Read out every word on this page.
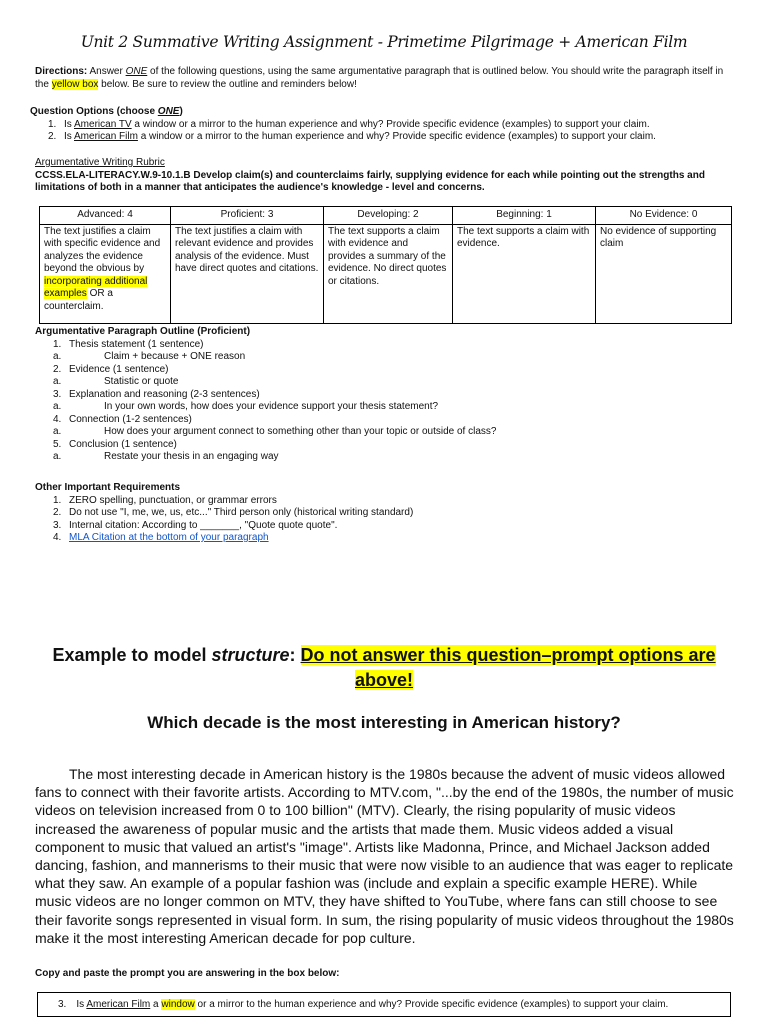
Unit 2 Summative Writing Assignment - Primetime Pilgrimage + American Film
Directions: Answer ONE of the following questions, using the same argumentative paragraph that is outlined below. You should write the paragraph itself in the yellow box below. Be sure to review the outline and reminders below!
Question Options (choose ONE)
1. Is American TV a window or a mirror to the human experience and why? Provide specific evidence (examples) to support your claim.
2. Is American Film a window or a mirror to the human experience and why? Provide specific evidence (examples) to support your claim.
Argumentative Writing Rubric
CCSS.ELA-LITERACY.W.9-10.1.B Develop claim(s) and counterclaims fairly, supplying evidence for each while pointing out the strengths and limitations of both in a manner that anticipates the audience's knowledge - level and concerns.
Advanced: 4	Proficient: 3	Developing: 2	Beginning: 1	No Evidence: 0
The text justifies a claim with specific evidence and analyzes the evidence beyond the obvious by incorporating additional examples OR a counterclaim.	The text justifies a claim with relevant evidence and provides analysis of the evidence. Must have direct quotes and citations.	The text supports a claim with evidence and provides a summary of the evidence. No direct quotes or citations.	The text supports a claim with evidence.	No evidence of supporting claim
Argumentative Paragraph Outline (Proficient)
1. Thesis statement (1 sentence)
a.	Claim + because + ONE reason
2. Evidence (1 sentence)
a.	Statistic or quote
3. Explanation and reasoning (2-3 sentences)
a.	In your own words, how does your evidence support your thesis statement?
4. Connection (1-2 sentences)
a.	How does your argument connect to something other than your topic or outside of class?
5. Conclusion (1 sentence)
a.	Restate your thesis in an engaging way
Other Important Requirements
1. ZERO spelling, punctuation, or grammar errors
2. Do not use "I, me, we, us, etc..." Third person only (historical writing standard)
3. Internal citation: According to _______, "Quote quote quote".
4. MLA Citation at the bottom of your paragraph
Example to model structure: Do not answer this question–prompt options are above!
Which decade is the most interesting in American history?
The most interesting decade in American history is the 1980s because the advent of music videos allowed fans to connect with their favorite artists. According to MTV.com, "...by the end of the 1980s, the number of music videos on television increased from 0 to 100 billion" (MTV). Clearly, the rising popularity of music videos increased the awareness of popular music and the artists that made them. Music videos added a visual component to music that valued an artist's "image". Artists like Madonna, Prince, and Michael Jackson added dancing, fashion, and mannerisms to their music that were now visible to an audience that was eager to replicate what they saw. An example of a popular fashion was (include and explain a specific example HERE). While music videos are no longer common on MTV, they have shifted to YouTube, where fans can still choose to see their favorite songs represented in visual form. In sum, the rising popularity of music videos throughout the 1980s make it the most interesting American decade for pop culture.
Copy and paste the prompt you are answering in the box below:
3. Is American Film a window or a mirror to the human experience and why? Provide specific evidence (examples) to support your claim.
